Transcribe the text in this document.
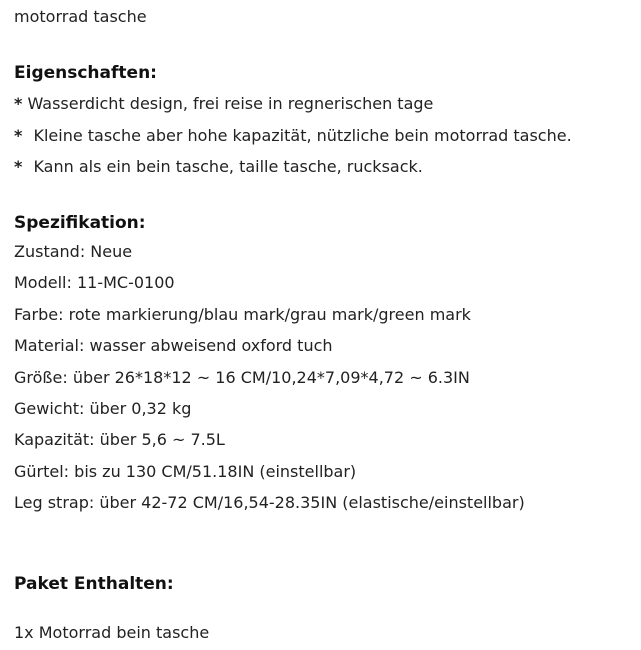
motorrad tasche
Eigenschaften:
* Wasserdicht design, frei reise in regnerischen tage
* Kleine tasche aber hohe kapazität, nützliche bein motorrad tasche.
* Kann als ein bein tasche, taille tasche, rucksack.
Spezifikation:
Zustand: Neue
Modell: 11-MC-0100
Farbe: rote markierung/blau mark/grau mark/green mark
Material: wasser abweisend oxford tuch
Größe: über 26*18*12 ~ 16 CM/10,24*7,09*4,72 ~ 6.3IN
Gewicht: über 0,32 kg
Kapazität: über 5,6 ~ 7.5L
Gürtel: bis zu 130 CM/51.18IN (einstellbar)
Leg strap: über 42-72 CM/16,54-28.35IN (elastische/einstellbar)
Paket Enthalten:
1x Motorrad bein tasche
